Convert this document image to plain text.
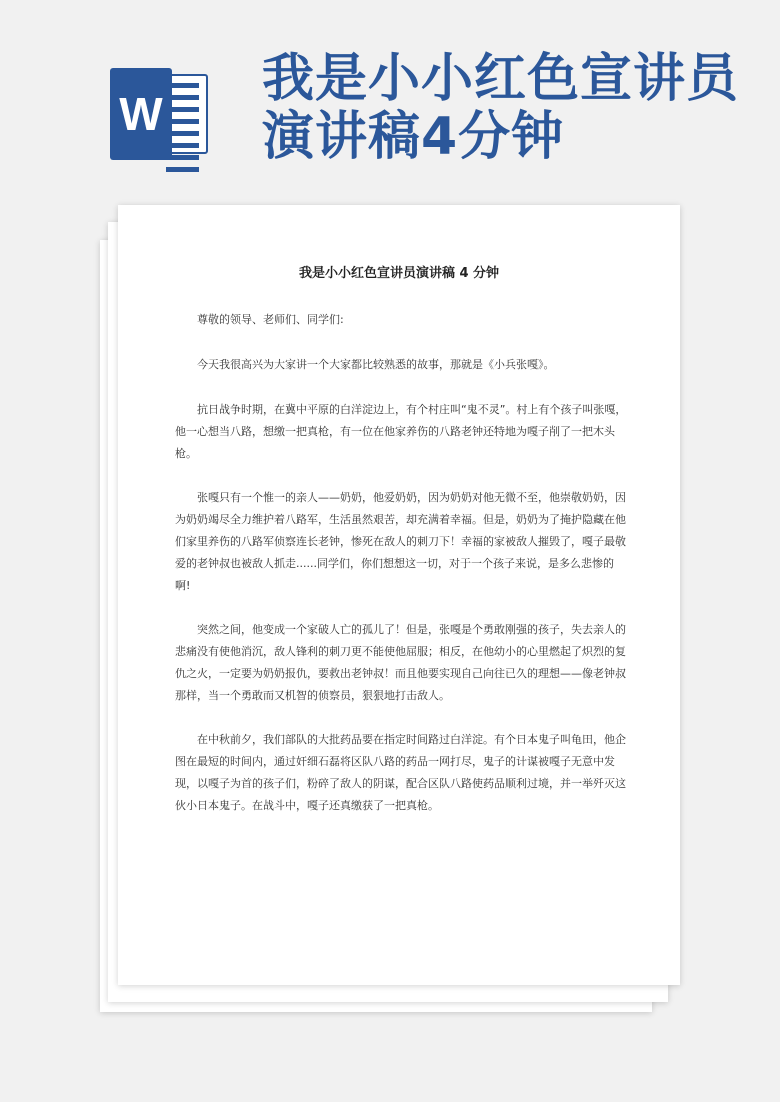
W
我是小小红色宣讲员演讲稿4分钟
我是小小红色宣讲员演讲稿 4 分钟

尊敬的领导、老师们、同学们:

今天我很高兴为大家讲一个大家都比较熟悉的故事，那就是《小兵张嘎》。

抗日战争时期，在冀中平原的白洋淀边上，有个村庄叫“鬼不灵”。村上有个孩子叫张嘎，他一心想当八路，想缴一把真枪，有一位在他家养伤的八路老钟还特地为嘎子削了一把木头枪。

张嘎只有一个惟一的亲人——奶奶，他爱奶奶，因为奶奶对他无微不至，他崇敬奶奶，因为奶奶竭尽全力维护着八路军，生活虽然艰苦，却充满着幸福。但是，奶奶为了掩护隐藏在他们家里养伤的八路军侦察连长老钟，惨死在敌人的刺刀下！幸福的家被敌人摧毁了，嘎子最敬爱的老钟叔也被敌人抓走......同学们，你们想想这一切，对于一个孩子来说，是多么悲惨的啊!

突然之间，他变成一个家破人亡的孤儿了！但是，张嘎是个勇敢刚强的孩子，失去亲人的悲痛没有使他消沉，敌人锋利的刺刀更不能使他屈服；相反，在他幼小的心里燃起了炽烈的复仇之火，一定要为奶奶报仇，要救出老钟叔！而且他要实现自己向往已久的理想——像老钟叔那样，当一个勇敢而又机智的侦察员，狠狠地打击敌人。

在中秋前夕，我们部队的大批药品要在指定时间路过白洋淀。有个日本鬼子叫龟田，他企图在最短的时间内，通过奸细石磊将区队八路的药品一网打尽，鬼子的计谋被嘎子无意中发现，以嘎子为首的孩子们，粉碎了敌人的阴谋，配合区队八路使药品顺利过境，并一举歼灭这伙小日本鬼子。在战斗中，嘎子还真缴获了一把真枪。
